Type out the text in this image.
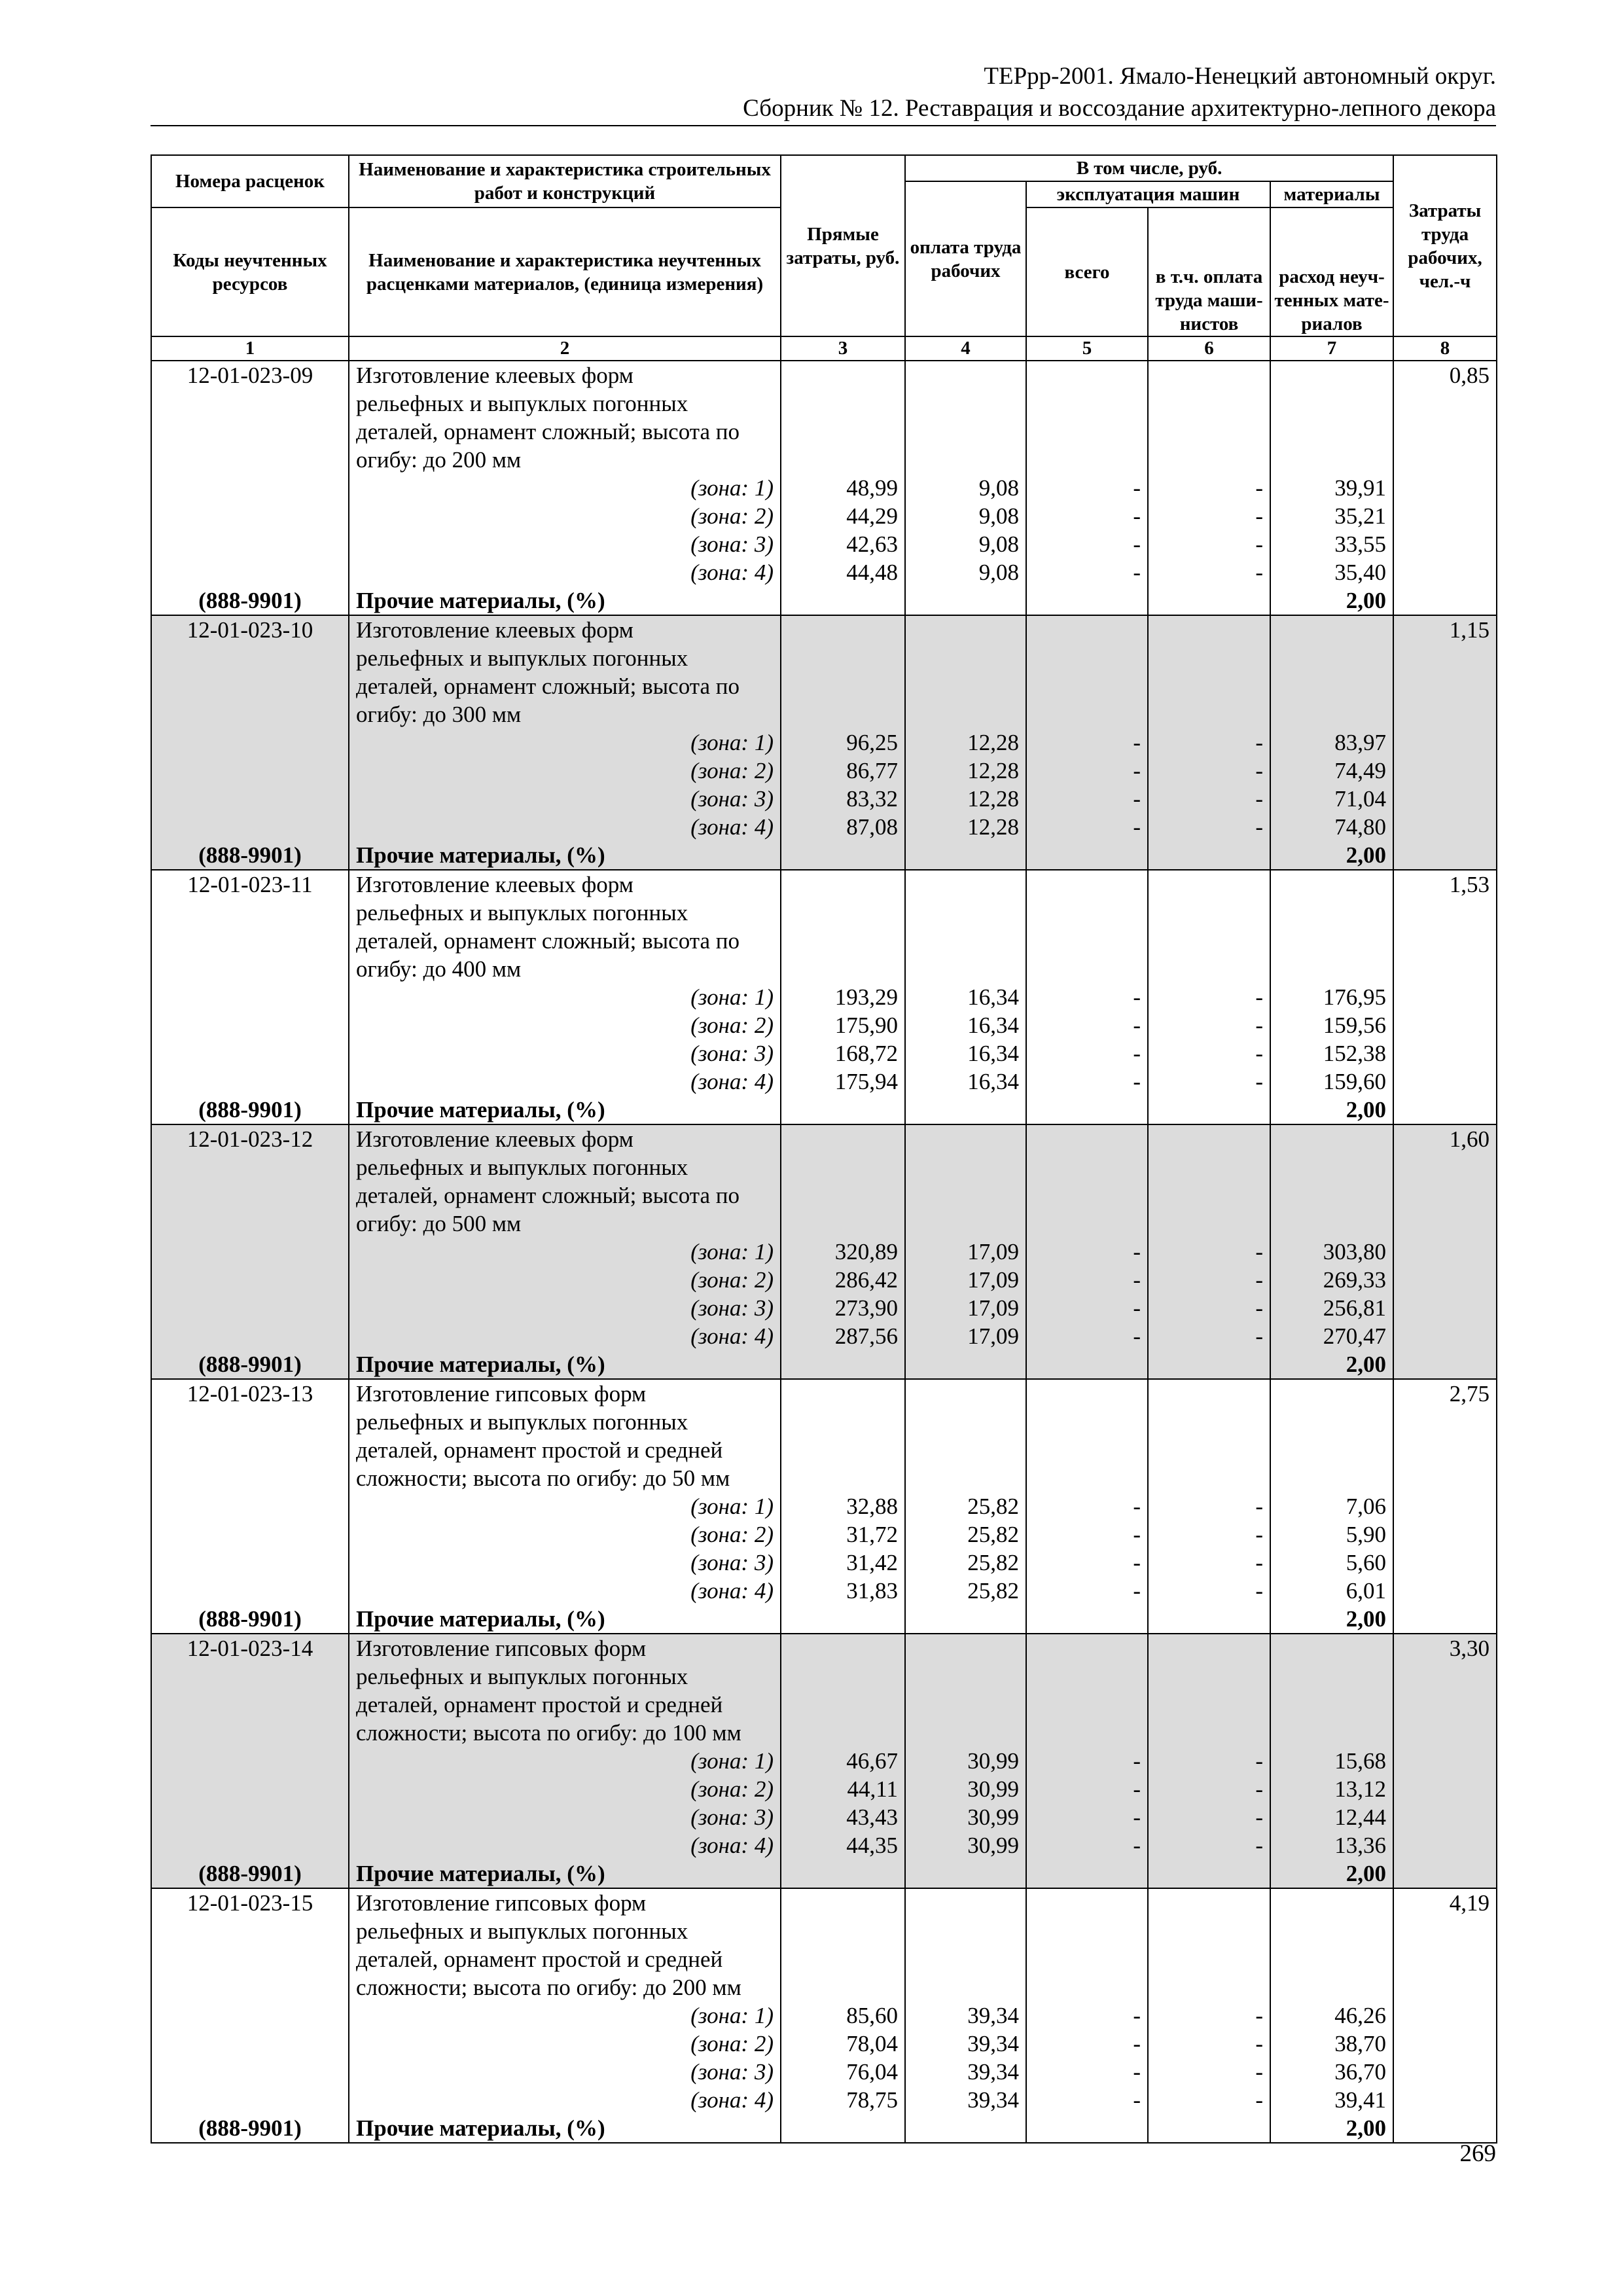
ТЕРрр-2001. Ямало-Ненецкий автономный округ.
Сборник № 12. Реставрация и воссоздание архитектурно-лепного декора
Номера расценок	Наименование и характеристика строительных работ и конструкций	Прямые затраты, руб.	В том числе, руб.				Затраты труда рабочих, чел.-ч
			оплата труда рабочих	эксплуатация машин		материалы	
Коды неучтенных ресурсов	Наименование и характеристика неучтенных расценками материалов, (единица измерения)			всего	в т.ч. оплата труда маши-нистов	расход неуч-тенных мате-риалов	
1	2	3	4	5	6	7	8
12-01-023-09	Изготовление клеевых форм						0,85
	рельефных и выпуклых погонных						
	деталей, орнамент сложный; высота по						
	огибу: до 200 мм						
	(зона: 1)	48,99	9,08	-	-	39,91	
	(зона: 2)	44,29	9,08	-	-	35,21	
	(зона: 3)	42,63	9,08	-	-	33,55	
	(зона: 4)	44,48	9,08	-	-	35,40	
(888-9901)	Прочие материалы, (%)					2,00	
12-01-023-10	Изготовление клеевых форм						1,15
	рельефных и выпуклых погонных						
	деталей, орнамент сложный; высота по						
	огибу: до 300 мм						
	(зона: 1)	96,25	12,28	-	-	83,97	
	(зона: 2)	86,77	12,28	-	-	74,49	
	(зона: 3)	83,32	12,28	-	-	71,04	
	(зона: 4)	87,08	12,28	-	-	74,80	
(888-9901)	Прочие материалы, (%)					2,00	
12-01-023-11	Изготовление клеевых форм						1,53
	рельефных и выпуклых погонных						
	деталей, орнамент сложный; высота по						
	огибу: до 400 мм						
	(зона: 1)	193,29	16,34	-	-	176,95	
	(зона: 2)	175,90	16,34	-	-	159,56	
	(зона: 3)	168,72	16,34	-	-	152,38	
	(зона: 4)	175,94	16,34	-	-	159,60	
(888-9901)	Прочие материалы, (%)					2,00	
12-01-023-12	Изготовление клеевых форм						1,60
	рельефных и выпуклых погонных						
	деталей, орнамент сложный; высота по						
	огибу: до 500 мм						
	(зона: 1)	320,89	17,09	-	-	303,80	
	(зона: 2)	286,42	17,09	-	-	269,33	
	(зона: 3)	273,90	17,09	-	-	256,81	
	(зона: 4)	287,56	17,09	-	-	270,47	
(888-9901)	Прочие материалы, (%)					2,00	
12-01-023-13	Изготовление гипсовых форм						2,75
	рельефных и выпуклых погонных						
	деталей, орнамент простой и средней						
	сложности; высота по огибу: до 50 мм						
	(зона: 1)	32,88	25,82	-	-	7,06	
	(зона: 2)	31,72	25,82	-	-	5,90	
	(зона: 3)	31,42	25,82	-	-	5,60	
	(зона: 4)	31,83	25,82	-	-	6,01	
(888-9901)	Прочие материалы, (%)					2,00	
12-01-023-14	Изготовление гипсовых форм						3,30
	рельефных и выпуклых погонных						
	деталей, орнамент простой и средней						
	сложности; высота по огибу: до 100 мм						
	(зона: 1)	46,67	30,99	-	-	15,68	
	(зона: 2)	44,11	30,99	-	-	13,12	
	(зона: 3)	43,43	30,99	-	-	12,44	
	(зона: 4)	44,35	30,99	-	-	13,36	
(888-9901)	Прочие материалы, (%)					2,00	
12-01-023-15	Изготовление гипсовых форм						4,19
	рельефных и выпуклых погонных						
	деталей, орнамент простой и средней						
	сложности; высота по огибу: до 200 мм						
	(зона: 1)	85,60	39,34	-	-	46,26	
	(зона: 2)	78,04	39,34	-	-	38,70	
	(зона: 3)	76,04	39,34	-	-	36,70	
	(зона: 4)	78,75	39,34	-	-	39,41	
(888-9901)	Прочие материалы, (%)					2,00	
269
